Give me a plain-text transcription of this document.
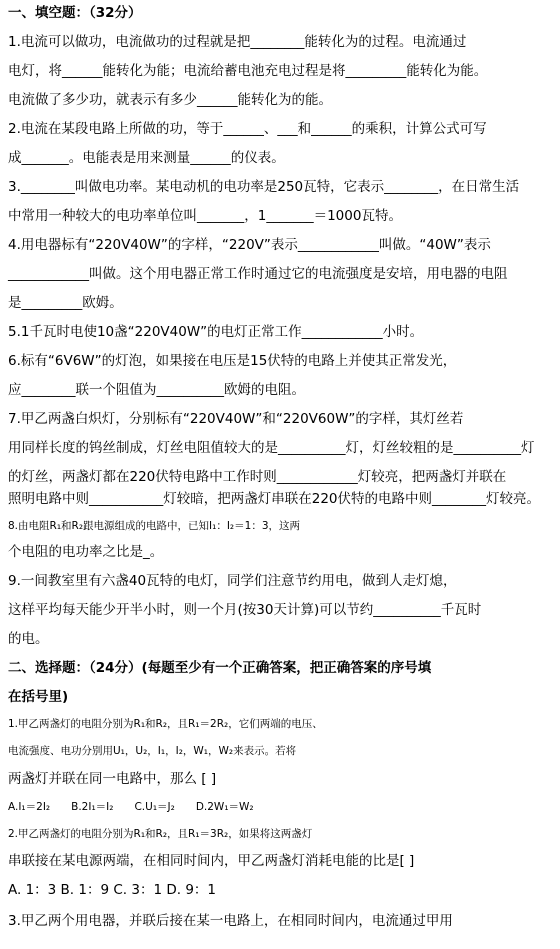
一、填空题：（32分）
1.电流可以做功，电流做功的过程就是把________能转化为的过程。电流通过
电灯，将______能转化为能；电流给蓄电池充电过程是将_________能转化为能。
电流做了多少功，就表示有多少______能转化为的能。
2.电流在某段电路上所做的功，等于______、___和______的乘积，计算公式可写
成_______。电能表是用来测量______的仪表。
3.________叫做电功率。某电动机的电功率是250瓦特，它表示________，在日常生活
中常用一种较大的电功率单位叫_______，1_______＝1000瓦特。
4.用电器标有“220V40W”的字样，“220V”表示____________叫做。“40W”表示
____________叫做。这个用电器正常工作时通过它的电流强度是安培，用电器的电阻
是_________欧姆。
5.1千瓦时电使10盏“220V40W”的电灯正常工作____________小时。
6.标有“6V6W”的灯泡，如果接在电压是15伏特的电路上并使其正常发光，
应________联一个阻值为__________欧姆的电阻。
7.甲乙两盏白炽灯，分别标有“220V40W”和“220V60W”的字样，其灯丝若
用同样长度的钨丝制成，灯丝电阻值较大的是__________灯，灯丝较粗的是__________灯
的灯丝，两盏灯都在220伏特电路中工作时则____________灯较亮，把两盏灯并联在
照明电路中则___________灯较暗，把两盏灯串联在220伏特的电路中则________灯较亮。
8.由电阻R₁和R₂跟电源组成的电路中，已知I₁：I₂＝1：3，这两
个电阻的电功率之比是_。
9.一间教室里有六盏40瓦特的电灯，同学们注意节约用电，做到人走灯熄，
这样平均每天能少开半小时，则一个月(按30天计算)可以节约__________千瓦时
的电。
二、选择题：（24分）(每题至少有一个正确答案，把正确答案的序号填
在括号里)
1.甲乙两盏灯的电阻分别为R₁和R₂，且R₁＝2R₂，它们两端的电压、
电流强度、电功分别用U₁，U₂，I₁，I₂，W₁，W₂来表示。若将
两盏灯并联在同一电路中，那么 [ ]
A.I₁＝2I₂　　B.2I₁＝I₂　　C.U₁＝J₂　　D.2W₁＝W₂
2.甲乙两盏灯的电阻分别为R₁和R₂，且R₁＝3R₂，如果将这两盏灯
串联接在某电源两端，在相同时间内，甲乙两盏灯消耗电能的比是[ ]
A. 1：3 B. 1：9 C. 3：1 D. 9：1
3.甲乙两个用电器，并联后接在某一电路上，在相同时间内，电流通过甲用
